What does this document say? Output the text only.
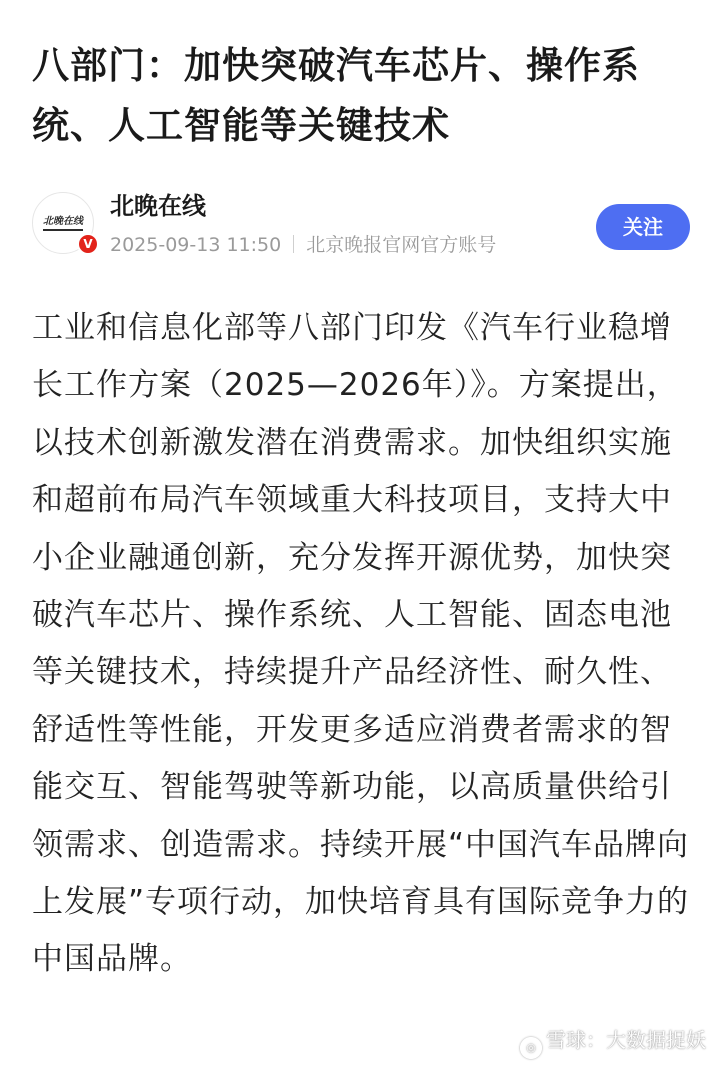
八部门：加快突破汽车芯片、操作系统、人工智能等关键技术
北晚在线
V
北晚在线
2025-09-13 11:50 北京晚报官网官方账号
关注

工业和信息化部等八部门印发《汽车行业稳增长工作方案（2025—2026年）》。方案提出，以技术创新激发潜在消费需求。加快组织实施和超前布局汽车领域重大科技项目，支持大中小企业融通创新，充分发挥开源优势，加快突破汽车芯片、操作系统、人工智能、固态电池等关键技术，持续提升产品经济性、耐久性、舒适性等性能，开发更多适应消费者需求的智能交互、智能驾驶等新功能，以高质量供给引领需求、创造需求。持续开展“中国汽车品牌向上发展”专项行动，加快培育具有国际竞争力的中国品牌。

◎ 雪球：大数据捉妖
